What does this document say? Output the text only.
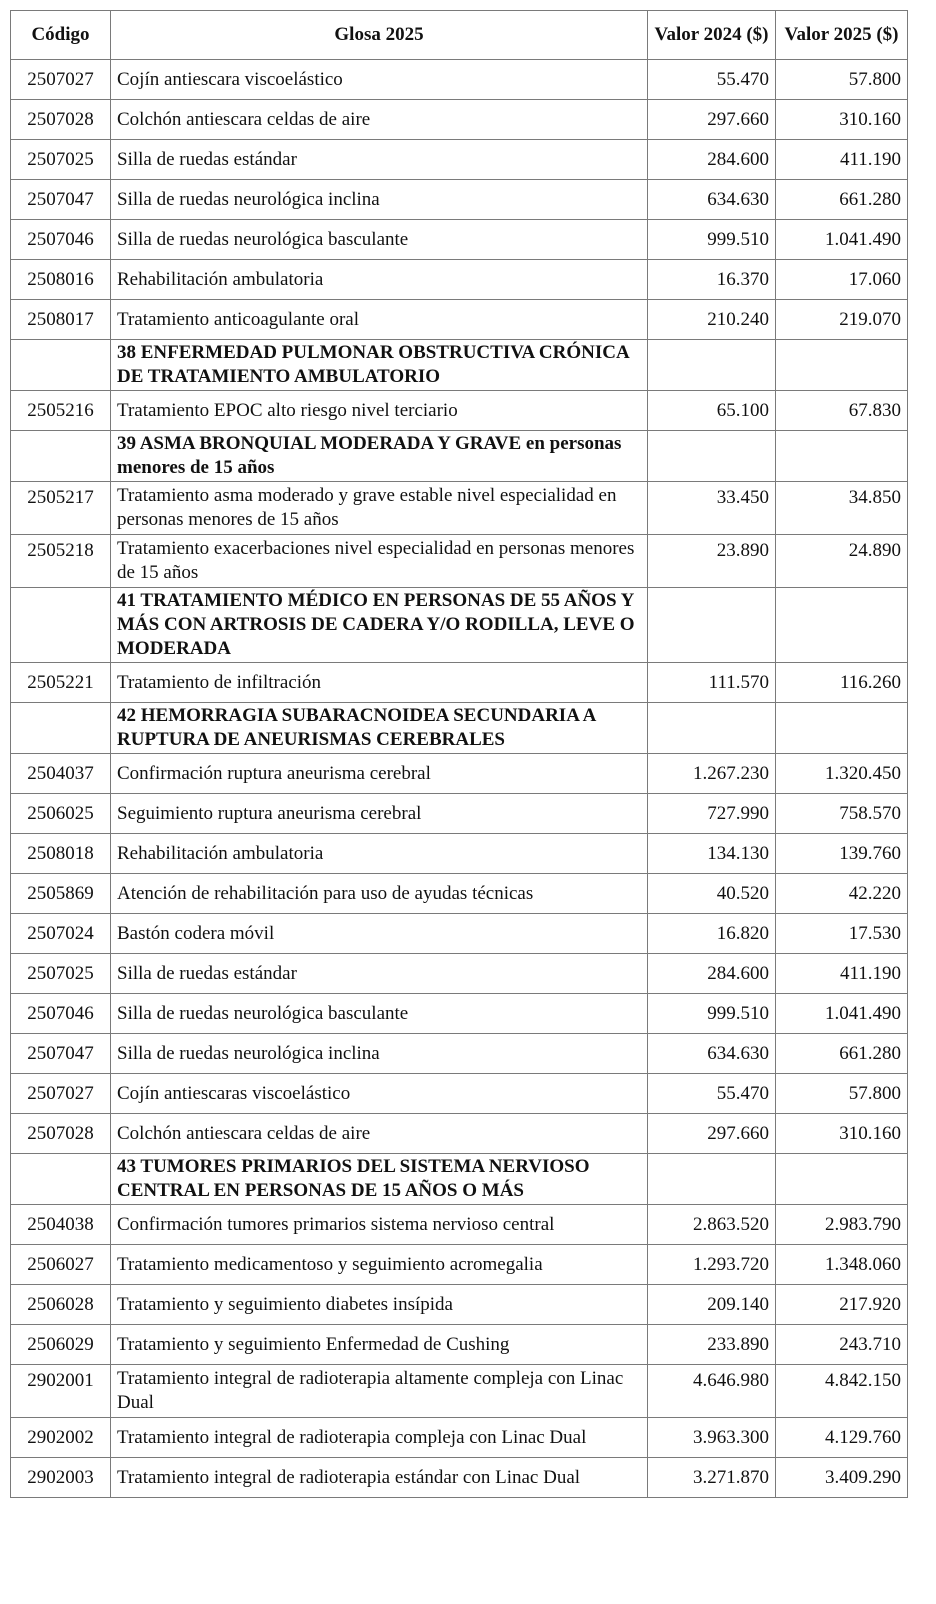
Código	Glosa 2025	Valor 2024 ($)	Valor 2025 ($)
2507027	Cojín antiescara viscoelástico	55.470	57.800
2507028	Colchón antiescara celdas de aire	297.660	310.160
2507025	Silla de ruedas estándar	284.600	411.190
2507047	Silla de ruedas neurológica inclina	634.630	661.280
2507046	Silla de ruedas neurológica basculante	999.510	1.041.490
2508016	Rehabilitación ambulatoria	16.370	17.060
2508017	Tratamiento anticoagulante oral	210.240	219.070
	38 ENFERMEDAD PULMONAR OBSTRUCTIVA CRÓNICA DE TRATAMIENTO AMBULATORIO		
2505216	Tratamiento EPOC alto riesgo nivel terciario	65.100	67.830
	39 ASMA BRONQUIAL MODERADA Y GRAVE en personas menores de 15 años		
2505217	Tratamiento asma moderado y grave estable nivel especialidad en personas menores de 15 años	33.450	34.850
2505218	Tratamiento exacerbaciones nivel especialidad en personas menores de 15 años	23.890	24.890
	41 TRATAMIENTO MÉDICO EN PERSONAS DE 55 AÑOS Y MÁS CON ARTROSIS DE CADERA Y/O RODILLA, LEVE O MODERADA		
2505221	Tratamiento de infiltración	111.570	116.260
	42 HEMORRAGIA SUBARACNOIDEA SECUNDARIA A RUPTURA DE ANEURISMAS CEREBRALES		
2504037	Confirmación ruptura aneurisma cerebral	1.267.230	1.320.450
2506025	Seguimiento ruptura aneurisma cerebral	727.990	758.570
2508018	Rehabilitación ambulatoria	134.130	139.760
2505869	Atención de rehabilitación para uso de ayudas técnicas	40.520	42.220
2507024	Bastón codera móvil	16.820	17.530
2507025	Silla de ruedas estándar	284.600	411.190
2507046	Silla de ruedas neurológica basculante	999.510	1.041.490
2507047	Silla de ruedas neurológica inclina	634.630	661.280
2507027	Cojín antiescaras viscoelástico	55.470	57.800
2507028	Colchón antiescara celdas de aire	297.660	310.160
	43 TUMORES PRIMARIOS DEL SISTEMA NERVIOSO CENTRAL EN PERSONAS DE 15 AÑOS O MÁS		
2504038	Confirmación tumores primarios sistema nervioso central	2.863.520	2.983.790
2506027	Tratamiento medicamentoso y seguimiento acromegalia	1.293.720	1.348.060
2506028	Tratamiento y seguimiento diabetes insípida	209.140	217.920
2506029	Tratamiento y seguimiento Enfermedad de Cushing	233.890	243.710
2902001	Tratamiento integral de radioterapia altamente compleja con Linac Dual	4.646.980	4.842.150
2902002	Tratamiento integral de radioterapia compleja con Linac Dual	3.963.300	4.129.760
2902003	Tratamiento integral de radioterapia estándar con Linac Dual	3.271.870	3.409.290
